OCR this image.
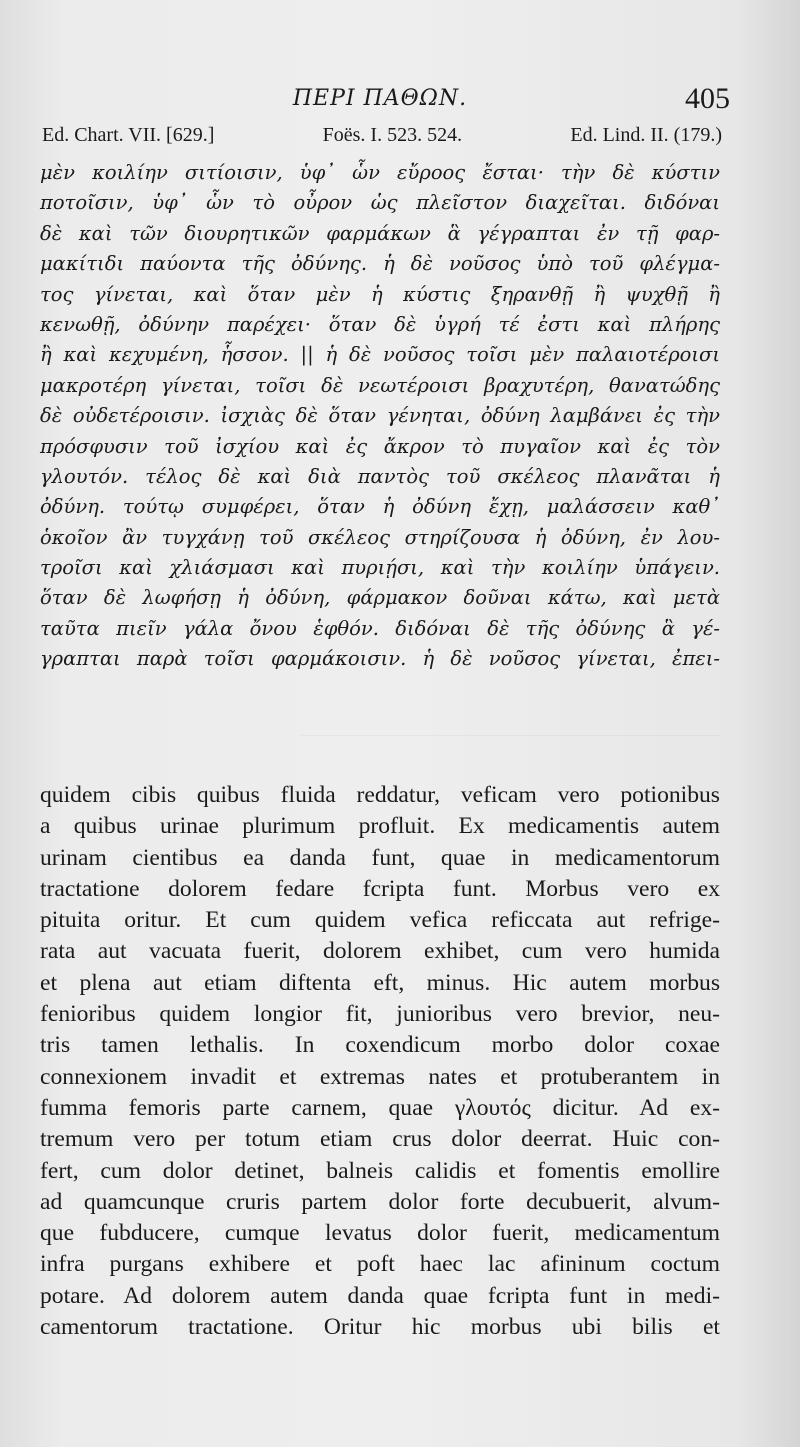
ΠΕΡΙ ΠΑΘΩΝ.	405
Ed. Chart. VII. [629.]	Foës. I. 523. 524.	Ed. Lind. II. (179.)
μὲν κοιλίην σιτίοισιν, ὑφ᾽ ὧν εὔροος ἔσται· τὴν δὲ κύστιν
ποτοῖσιν, ὑφ᾽ ὧν τὸ οὖρον ὡς πλεῖστον διαχεῖται. διδόναι
δὲ καὶ τῶν διουρητικῶν φαρμάκων ἃ γέγραπται ἐν τῇ φαρ-
μακίτιδι παύοντα τῆς ὀδύνης. ἡ δὲ νοῦσος ὑπὸ τοῦ φλέγμα-
τος γίνεται, καὶ ὅταν μὲν ἡ κύστις ξηρανθῇ ἢ ψυχθῇ ἢ
κενωθῇ, ὀδύνην παρέχει· ὅταν δὲ ὑγρή τέ ἐστι καὶ πλήρης
ἢ καὶ κεχυμένη, ἧσσον. || ἡ δὲ νοῦσος τοῖσι μὲν παλαιοτέροισι
μακροτέρη γίνεται, τοῖσι δὲ νεωτέροισι βραχυτέρη, θανατώδης
δὲ οὐδετέροισιν. ἰσχιὰς δὲ ὅταν γένηται, ὀδύνη λαμβάνει ἐς τὴν
πρόσφυσιν τοῦ ἰσχίου καὶ ἐς ἄκρον τὸ πυγαῖον καὶ ἐς τὸν
γλουτόν. τέλος δὲ καὶ διὰ παντὸς τοῦ σκέλεος πλανᾶται ἡ
ὀδύνη. τούτῳ συμφέρει, ὅταν ἡ ὀδύνη ἔχῃ, μαλάσσειν καθ᾽
ὁκοῖον ἂν τυγχάνῃ τοῦ σκέλεος στηρίζουσα ἡ ὀδύνη, ἐν λου-
τροῖσι καὶ χλιάσμασι καὶ πυριῄσι, καὶ τὴν κοιλίην ὑπάγειν.
ὅταν δὲ λωφήσῃ ἡ ὀδύνη, φάρμακον δοῦναι κάτω, καὶ μετὰ
ταῦτα πιεῖν γάλα ὄνου ἑφθόν. διδόναι δὲ τῆς ὀδύνης ἃ γέ-
γραπται παρὰ τοῖσι φαρμάκοισιν. ἡ δὲ νοῦσος γίνεται, ἐπει-
quidem cibis quibus fluida reddatur, veficam vero potionibus
a quibus urinae plurimum profluit. Ex medicamentis autem
urinam cientibus ea danda funt, quae in medicamentorum
tractatione dolorem fedare fcripta funt. Morbus vero ex
pituita oritur. Et cum quidem vefica reficcata aut refrige-
rata aut vacuata fuerit, dolorem exhibet, cum vero humida
et plena aut etiam diftenta eft, minus. Hic autem morbus
fenioribus quidem longior fit, junioribus vero brevior, neu-
tris tamen lethalis. In coxendicum morbo dolor coxae
connexionem invadit et extremas nates et protuberantem in
fumma femoris parte carnem, quae γλουτός dicitur. Ad ex-
tremum vero per totum etiam crus dolor deerrat. Huic con-
fert, cum dolor detinet, balneis calidis et fomentis emollire
ad quamcunque cruris partem dolor forte decubuerit, alvum-
que fubducere, cumque levatus dolor fuerit, medicamentum
infra purgans exhibere et poft haec lac afininum coctum
potare. Ad dolorem autem danda quae fcripta funt in medi-
camentorum tractatione. Oritur hic morbus ubi bilis et
